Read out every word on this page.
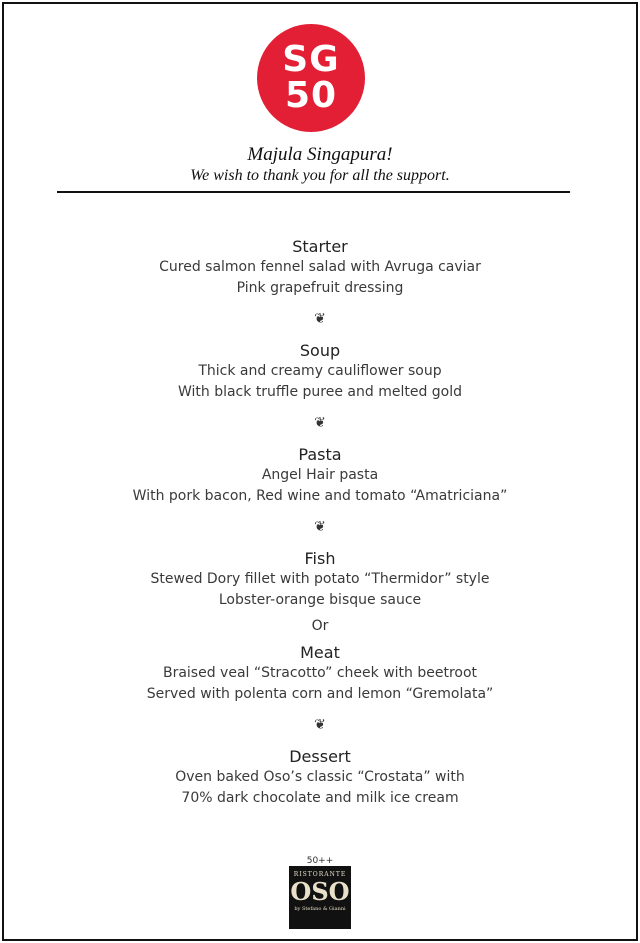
SG
50
Majula Singapura!
We wish to thank you for all the support.
Starter
Cured salmon fennel salad with Avruga caviar
Pink grapefruit dressing
❦
Soup
Thick and creamy cauliflower soup
With black truffle puree and melted gold
❦
Pasta
Angel Hair pasta
With pork bacon, Red wine and tomato “Amatriciana”
❦
Fish
Stewed Dory fillet with potato “Thermidor” style
Lobster-orange bisque sauce
Or
Meat
Braised veal “Stracotto” cheek with beetroot
Served with polenta corn and lemon “Gremolata”
❦
Dessert
Oven baked Oso’s classic “Crostata” with
70% dark chocolate and milk ice cream
50++
RISTORANTE
OSO
by Stefano & Gianni
